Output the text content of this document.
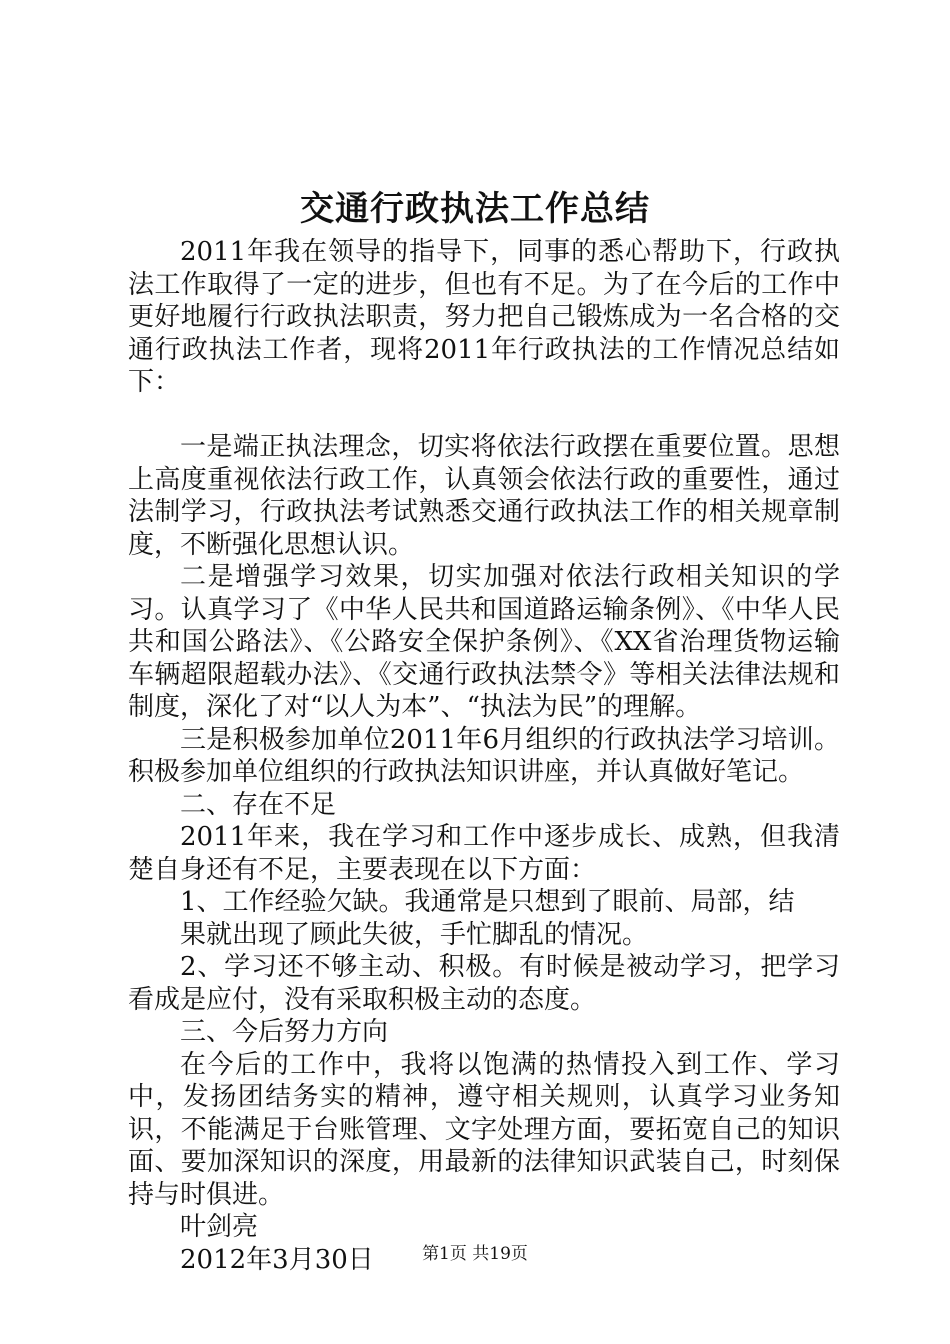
交通行政执法工作总结

2011年我在领导的指导下，同事的悉心帮助下，行政执法工作取得了一定的进步，但也有不足。为了在今后的工作中更好地履行行政执法职责，努力把自己锻炼成为一名合格的交通行政执法工作者，现将2011年行政执法的工作情况总结如下：

一是端正执法理念，切实将依法行政摆在重要位置。思想上高度重视依法行政工作，认真领会依法行政的重要性，通过法制学习，行政执法考试熟悉交通行政执法工作的相关规章制度，不断强化思想认识。

二是增强学习效果，切实加强对依法行政相关知识的学习。认真学习了《中华人民共和国道路运输条例》、《中华人民共和国公路法》、《公路安全保护条例》、《XX省治理货物运输车辆超限超载办法》、《交通行政执法禁令》等相关法律法规和制度，深化了对“以人为本”、“执法为民”的理解。

三是积极参加单位2011年6月组织的行政执法学习培训。积极参加单位组织的行政执法知识讲座，并认真做好笔记。

二、存在不足

2011年来，我在学习和工作中逐步成长、成熟，但我清楚自身还有不足，主要表现在以下方面：

1、工作经验欠缺。我通常是只想到了眼前、局部，结

果就出现了顾此失彼，手忙脚乱的情况。

2、学习还不够主动、积极。有时候是被动学习，把学习看成是应付，没有采取积极主动的态度。

三、今后努力方向

在今后的工作中，我将以饱满的热情投入到工作、学习中，发扬团结务实的精神，遵守相关规则，认真学习业务知识，不能满足于台账管理、文字处理方面，要拓宽自己的知识面、要加深知识的深度，用最新的法律知识武装自己，时刻保持与时俱进。

叶剑亮

2012年3月30日	第1页 共19页
